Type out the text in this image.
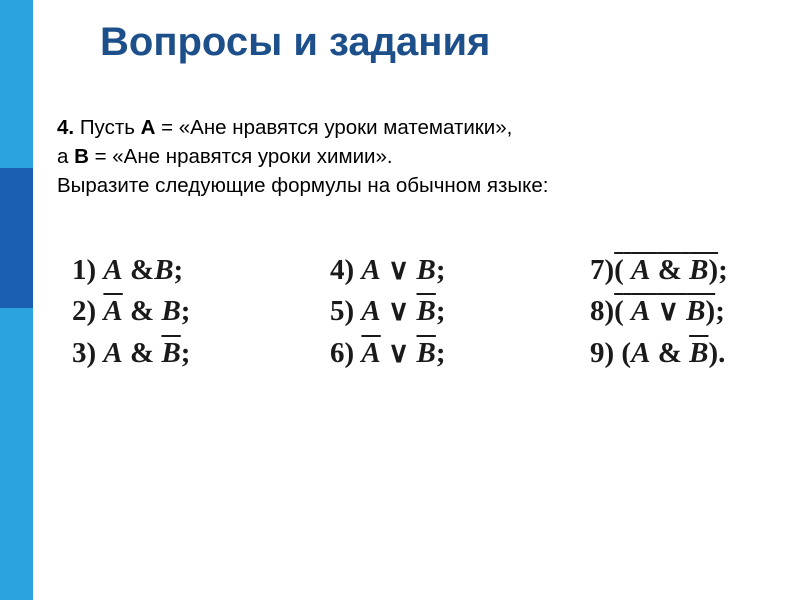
Вопросы и задания
4. Пусть А = «Ане нравятся уроки математики»,
а В = «Ане нравятся уроки химии».
Выразите следующие формулы на обычном языке:
1) A &B;
2) $\overline{A}$ & B;
3) A & $\overline{B}$;
4) A ∨ B;
5) A ∨ $\overline{B}$;
6) $\overline{A}$ ∨ $\overline{B}$;
7)( A & B);
8)( A ∨ B);
9) (A & $\overline{B}$).
